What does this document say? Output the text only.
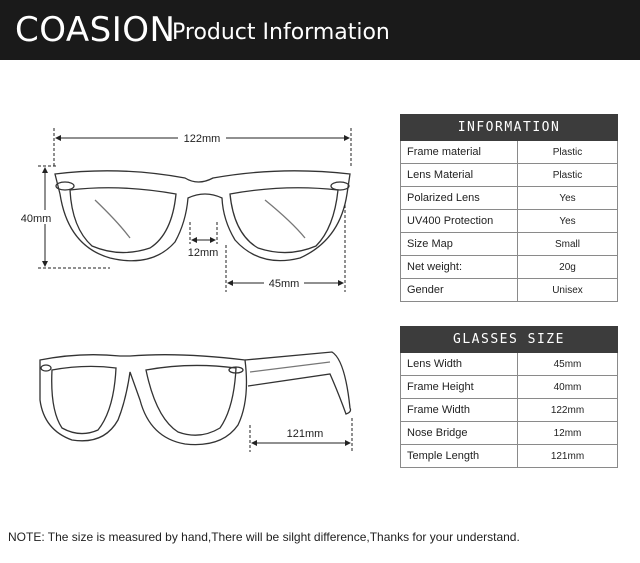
COASION
Product Information
122mm
40mm
12mm
45mm
121mm
INFORMATION	
Frame material	Plastic
Lens Material	Plastic
Polarized Lens	Yes
UV400 Protection	Yes
Size Map	Small
Net weight:	20g
Gender	Unisex
GLASSES SIZE	
Lens Width	45mm
Frame Height	40mm
Frame Width	122mm
Nose Bridge	12mm
Temple Length	121mm
NOTE: The size is measured by hand,There will be silght difference,Thanks for your understand.
